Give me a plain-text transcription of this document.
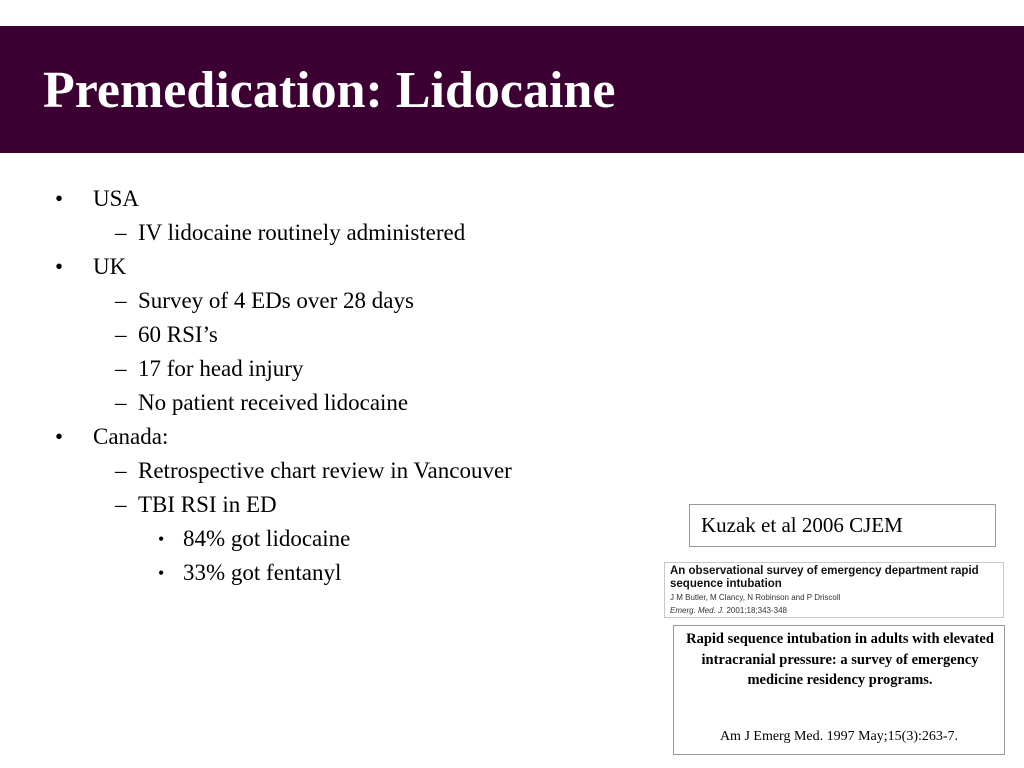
Premedication: Lidocaine
• USA
– IV lidocaine routinely administered
• UK
– Survey of 4 EDs over 28 days
– 60 RSI’s
– 17 for head injury
– No patient received lidocaine
• Canada:
– Retrospective chart review in Vancouver
– TBI RSI in ED
• 84% got lidocaine
• 33% got fentanyl
Kuzak et al 2006 CJEM
An observational survey of emergency department rapid sequence intubation
J M Butler, M Clancy, N Robinson and P Driscoll
Emerg. Med. J. 2001;18;343-348
Rapid sequence intubation in adults with elevated intracranial pressure: a survey of emergency medicine residency programs.
Am J Emerg Med. 1997 May;15(3):263-7.
